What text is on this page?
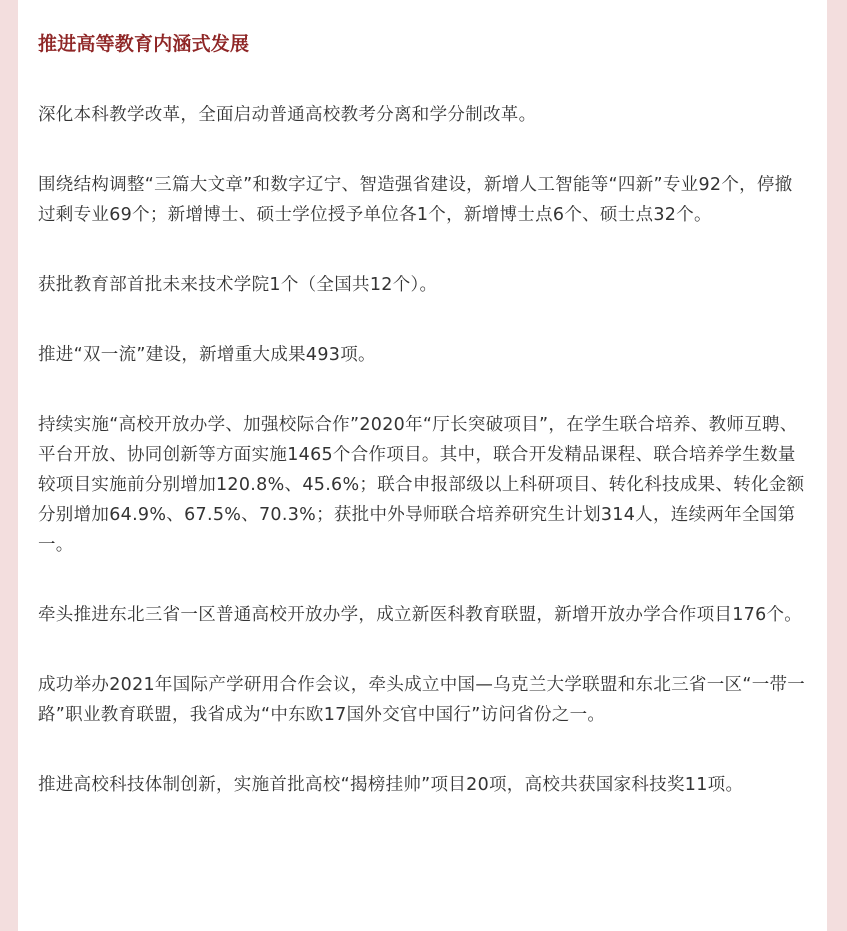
推进高等教育内涵式发展

深化本科教学改革，全面启动普通高校教考分离和学分制改革。

围绕结构调整“三篇大文章”和数字辽宁、智造强省建设，新增人工智能等“四新”专业92个，停撤过剩专业69个；新增博士、硕士学位授予单位各1个，新增博士点6个、硕士点32个。

获批教育部首批未来技术学院1个（全国共12个）。

推进“双一流”建设，新增重大成果493项。

持续实施“高校开放办学、加强校际合作”2020年“厅长突破项目”，在学生联合培养、教师互聘、平台开放、协同创新等方面实施1465个合作项目。其中，联合开发精品课程、联合培养学生数量较项目实施前分别增加120.8%、45.6%；联合申报部级以上科研项目、转化科技成果、转化金额分别增加64.9%、67.5%、70.3%；获批中外导师联合培养研究生计划314人，连续两年全国第一。

牵头推进东北三省一区普通高校开放办学，成立新医科教育联盟，新增开放办学合作项目176个。

成功举办2021年国际产学研用合作会议，牵头成立中国—乌克兰大学联盟和东北三省一区“一带一路”职业教育联盟，我省成为“中东欧17国外交官中国行”访问省份之一。

推进高校科技体制创新，实施首批高校“揭榜挂帅”项目20项，高校共获国家科技奖11项。
